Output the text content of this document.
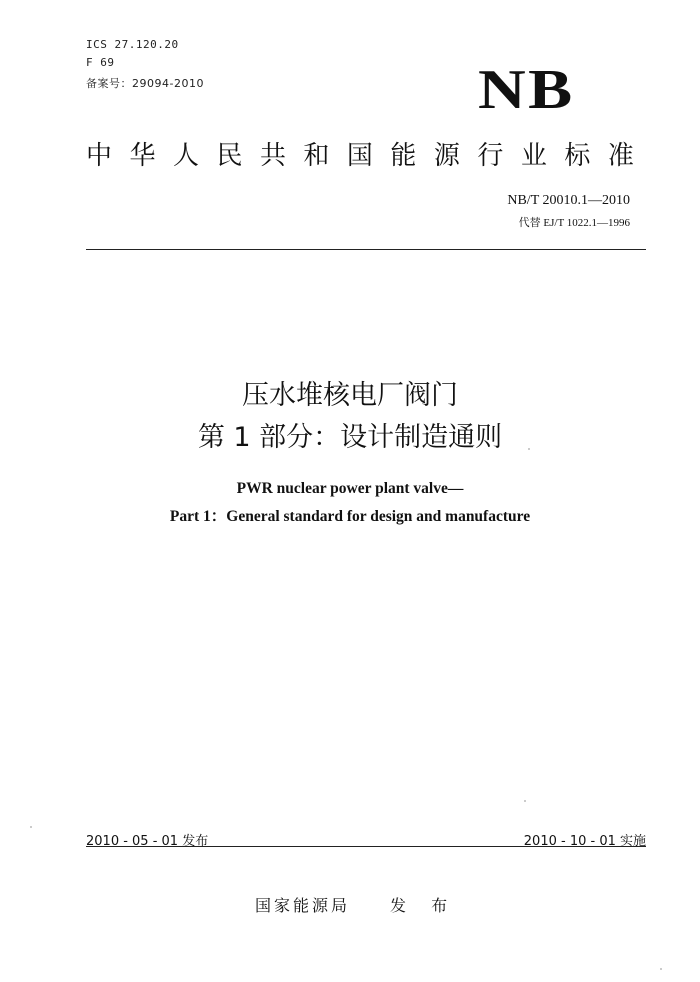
ICS 27.120.20
F 69
备案号：29094-2010	NB
中 华 人 民 共 和 国 能 源 行 业 标 准
NB/T 20010.1—2010
代替 EJ/T 1022.1—1996
压水堆核电厂阀门
第 1 部分：设计制造通则
PWR nuclear power plant valve—
Part 1：General standard for design and manufacture
2010 - 05 - 01 发布	2010 - 10 - 01 实施
国家能源局	发 布
